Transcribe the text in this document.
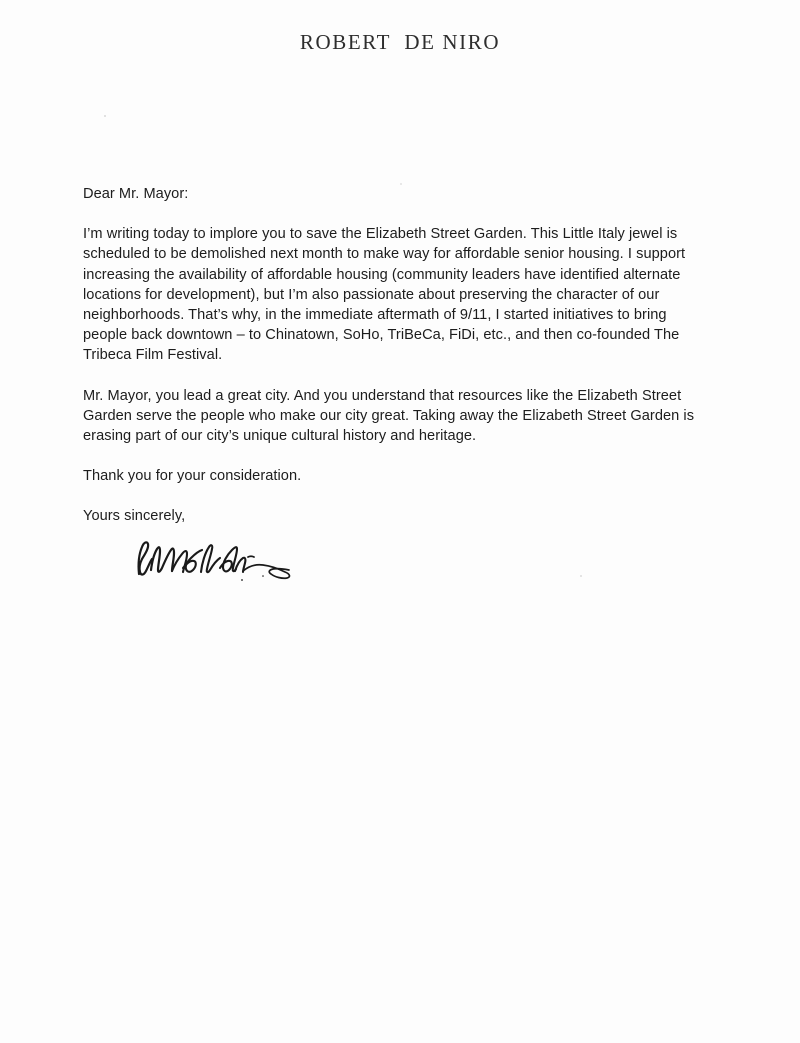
ROBERT  DE NIRO

Dear Mr. Mayor:

I’m writing today to implore you to save the Elizabeth Street Garden. This Little Italy jewel is scheduled to be demolished next month to make way for affordable senior housing. I support increasing the availability of affordable housing (community leaders have identified alternate locations for development), but I’m also passionate about preserving the character of our neighborhoods. That’s why, in the immediate aftermath of 9/11, I started initiatives to bring people back downtown – to Chinatown, SoHo, TriBeCa, FiDi, etc., and then co-founded The Tribeca Film Festival.

Mr. Mayor, you lead a great city. And you understand that resources like the Elizabeth Street Garden serve the people who make our city great. Taking away the Elizabeth Street Garden is erasing part of our city’s unique cultural history and heritage.

Thank you for your consideration.

Yours sincerely,
